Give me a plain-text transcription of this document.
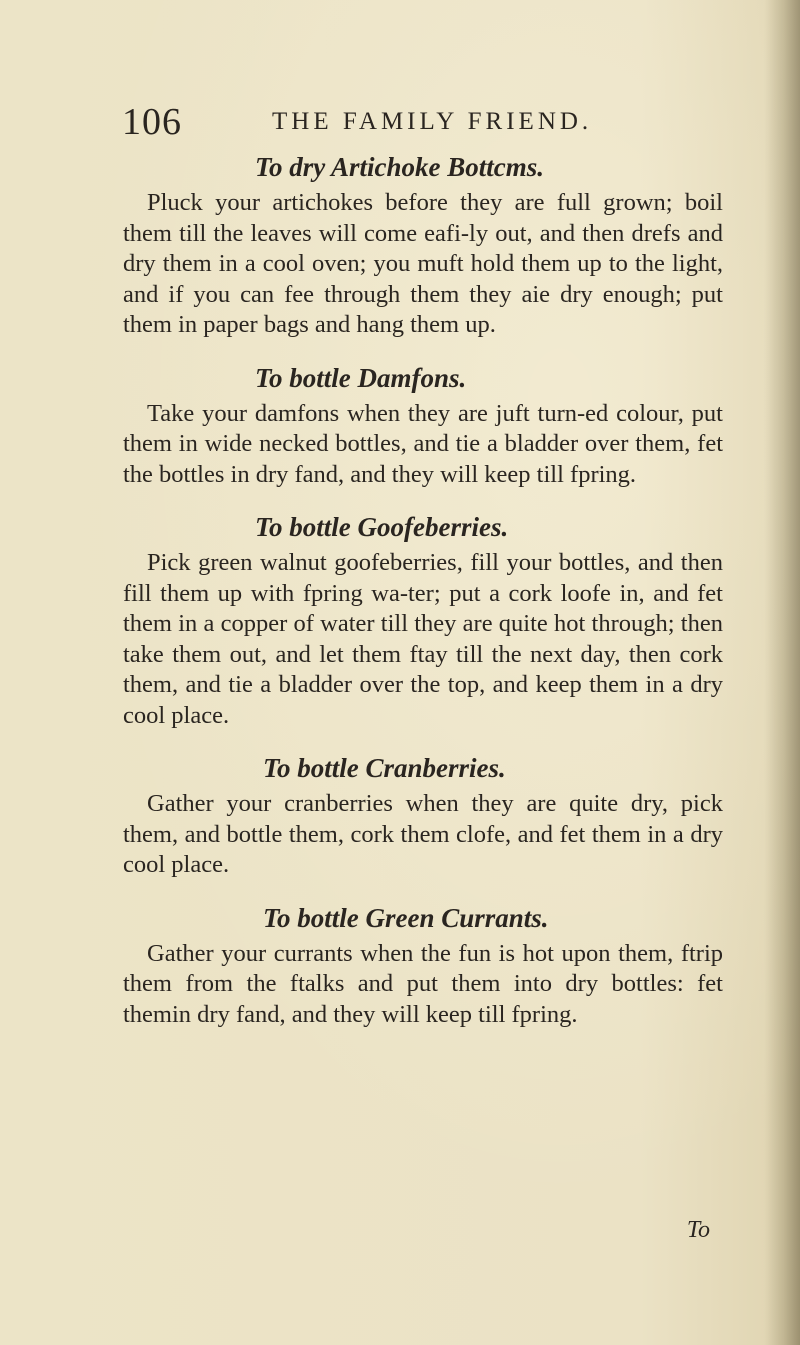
106	THE FAMILY FRIEND.
To dry Artichoke Bottcms.

Pluck your artichokes before they are full grown; boil them till the leaves will come eafi-ly out, and then drefs and dry them in a cool oven; you muft hold them up to the light, and if you can fee through them they aie dry enough; put them in paper bags and hang them up.

To bottle Damfons.

Take your damfons when they are juft turn-ed colour, put them in wide necked bottles, and tie a bladder over them, fet the bottles in dry fand, and they will keep till fpring.

To bottle Goofeberries.

Pick green walnut goofeberries, fill your bottles, and then fill them up with fpring wa-ter; put a cork loofe in, and fet them in a copper of water till they are quite hot through; then take them out, and let them ftay till the next day, then cork them, and tie a bladder over the top, and keep them in a dry cool place.

To bottle Cranberries.

Gather your cranberries when they are quite dry, pick them, and bottle them, cork them clofe, and fet them in a dry cool place.

To bottle Green Currants.

Gather your currants when the fun is hot upon them, ftrip them from the ftalks and put them into dry bottles: fet themin dry fand, and they will keep till fpring.

To
